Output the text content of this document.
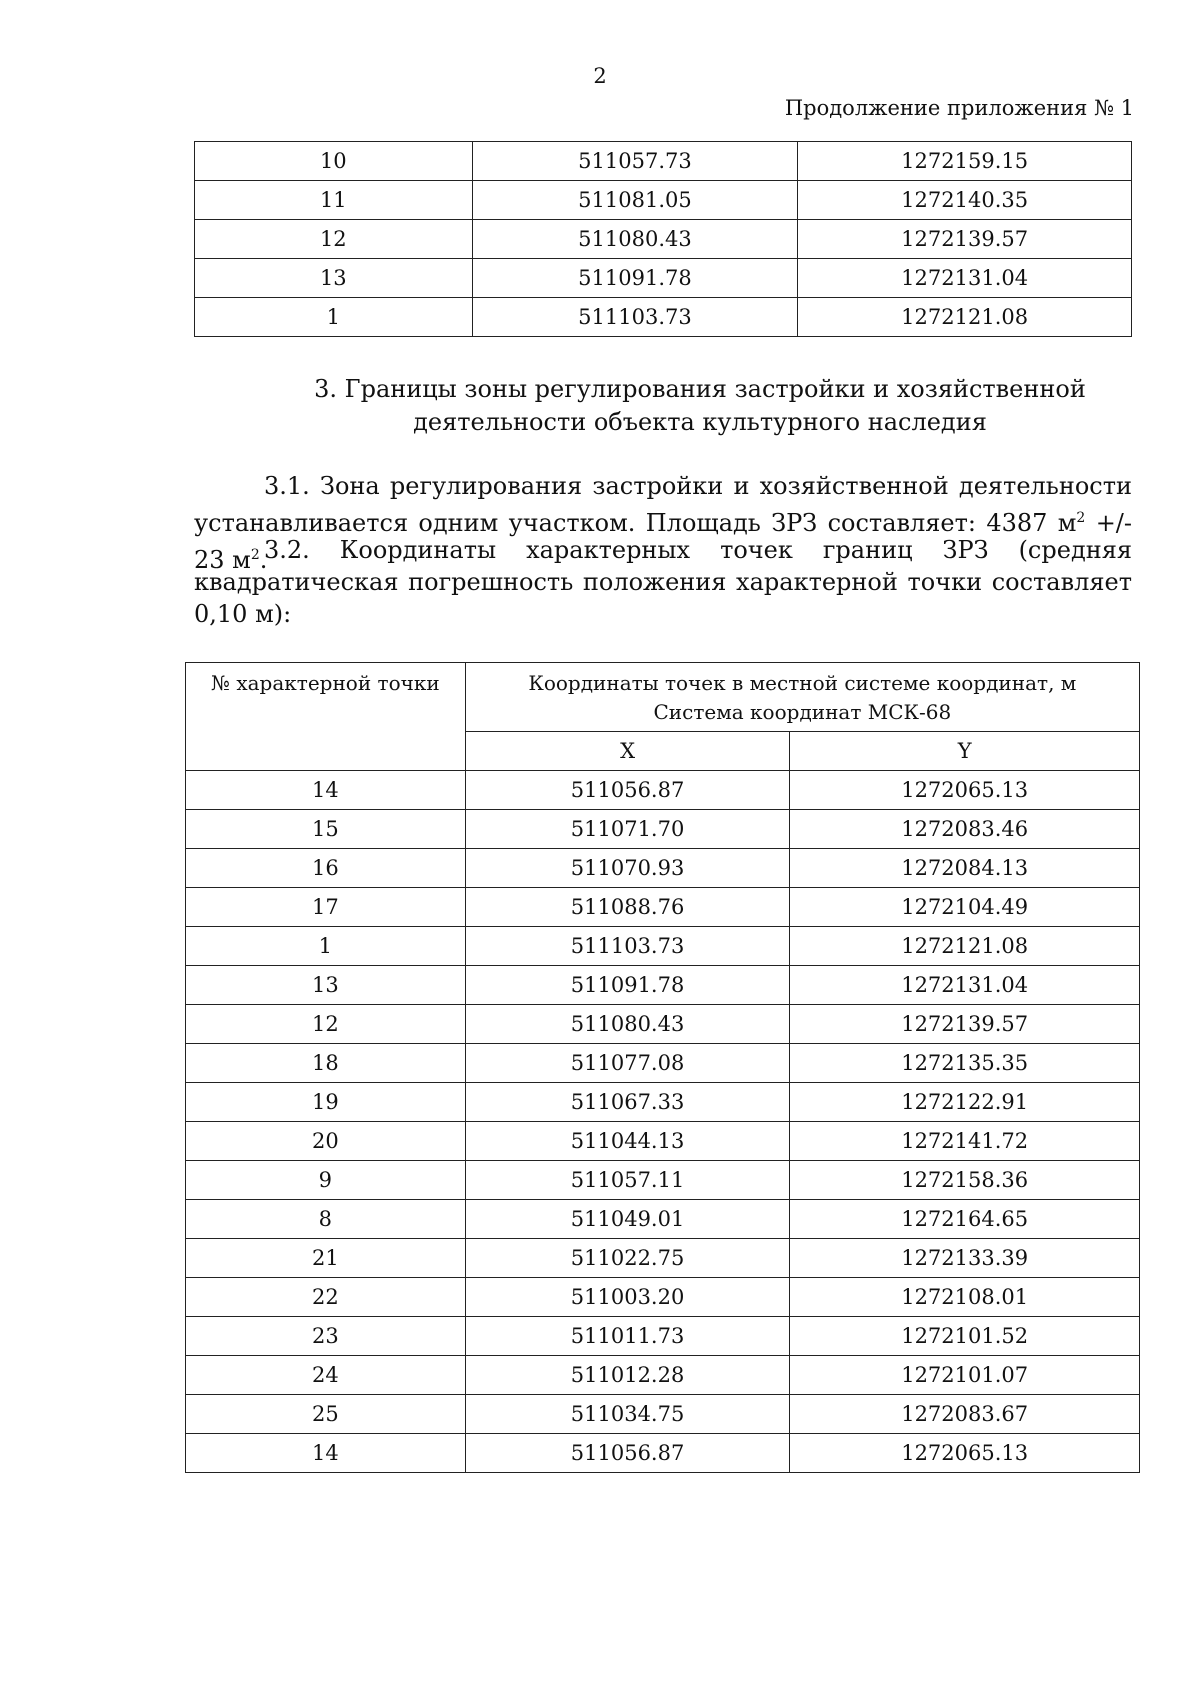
2
Продолжение приложения № 1
10	511057.73	1272159.15
11	511081.05	1272140.35
12	511080.43	1272139.57
13	511091.78	1272131.04
1	511103.73	1272121.08
3. Границы зоны регулирования застройки и хозяйственной
деятельности объекта культурного наследия
3.1. Зона регулирования застройки и хозяйственной деятельности
устанавливается одним участком. Площадь ЗРЗ составляет: 4387 $м^2$ +/- 23 $м^2$.
3.2. Координаты характерных точек границ ЗРЗ (средняя
квадратическая погрешность положения характерной точки составляет
0,10 м):
№ характерной точки	Координаты точек в местной системе координат, м
Система координат МСК-68	

	X	Y
14	511056.87	1272065.13
15	511071.70	1272083.46
16	511070.93	1272084.13
17	511088.76	1272104.49
1	511103.73	1272121.08
13	511091.78	1272131.04
12	511080.43	1272139.57
18	511077.08	1272135.35
19	511067.33	1272122.91
20	511044.13	1272141.72
9	511057.11	1272158.36
8	511049.01	1272164.65
21	511022.75	1272133.39
22	511003.20	1272108.01
23	511011.73	1272101.52
24	511012.28	1272101.07
25	511034.75	1272083.67
14	511056.87	1272065.13
